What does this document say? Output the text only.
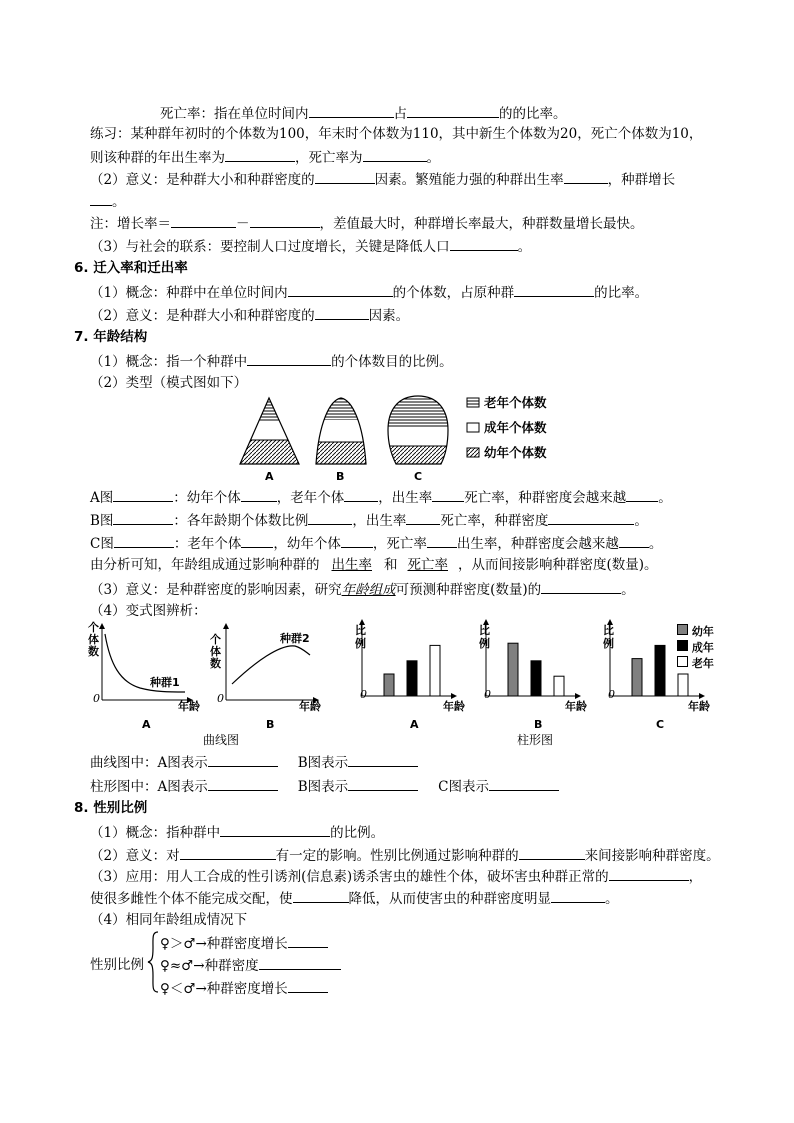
死亡率：指在单位时间内	占	的的比率。
练习：某种群年初时的个体数为100，年末时个体数为110，其中新生个体数为20，死亡个体数为10，
则该种群的年出生率为	，死亡率为	。
（2）意义：是种群大小和种群密度的	因素。繁殖能力强的种群出生率	，种群增长
。
注：增长率＝	－	，差值最大时，种群增长率最大，种群数量增长最快。
（3）与社会的联系：要控制人口过度增长，关键是降低人口	。
6. 迁入率和迁出率
（1）概念：种群中在单位时间内	的个体数，占原种群	的比率。
（2）意义：是种群大小和种群密度的	因素。
7. 年龄结构
（1）概念：指一个种群中	的个体数目的比例。
（2）类型（模式图如下）
A	B	C
老年个体数
成年个体数
幼年个体数
A图	：幼年个体	，老年个体	，出生率 死亡率，种群密度会越来越 。
B图	：各年龄期个体数比例	，出生率	死亡率，种群密度	。
C图	：老年个体 ，幼年个体 ，死亡率 出生率，种群密度会越来越 。
由分析可知，年龄组成通过影响种群的 出生率 和 死亡率 ，从而间接影响种群密度(数量)。
（3）意义：是种群密度的影响因素，研究年龄组成可预测种群密度(数量)的	。
（4）变式图辨析：
个
体
数
个
体
数
种群1
种群2
0	0
年龄	年龄
A	B
曲线图
比
例
比
例
比
例
0	0	0
年龄	年龄	年龄
A	B	C
柱形图
幼年
成年
老年
曲线图中：A图表示	B图表示
柱形图中：A图表示	B图表示	C图表示
8. 性别比例
（1）概念：指种群中	的比例。
（2）意义：对	有一定的影响。性别比例通过影响种群的	来间接影响种群密度。
（3）应用：用人工合成的性引诱剂(信息素)诱杀害虫的雄性个体，破坏害虫种群正常的	，
使很多雌性个体不能完成交配，使	降低，从而使害虫的种群密度明显	。
（4）相同年龄组成情况下
性别比例
♀＞♂→种群密度增长
♀≈♂→种群密度
♀＜♂→种群密度增长
